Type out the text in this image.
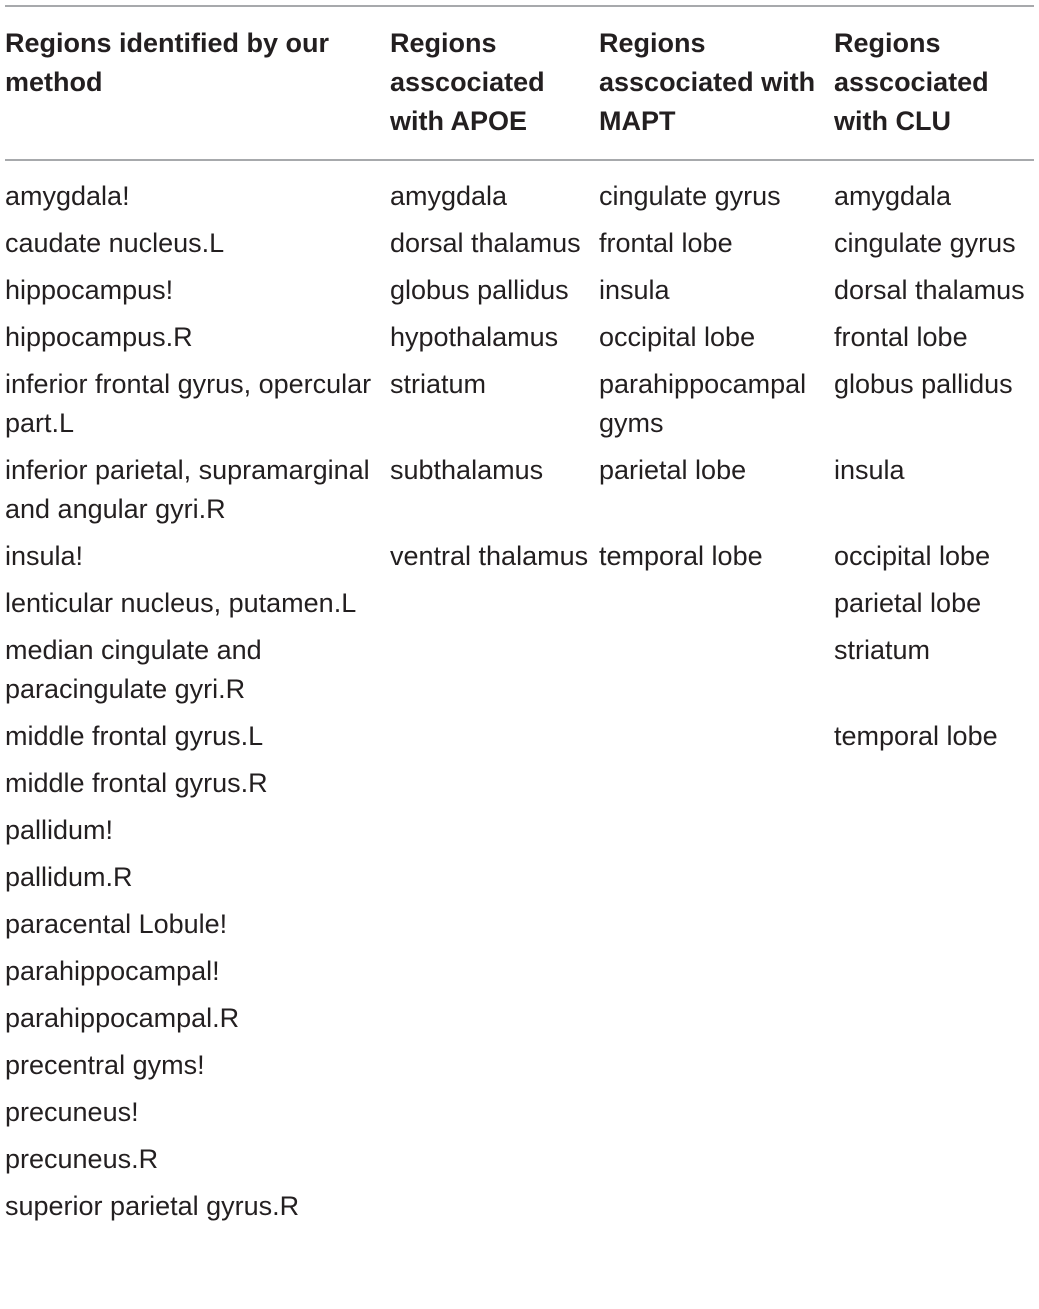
Regions identified by our method	Regions asscociated with APOE	Regions asscociated with MAPT	Regions asscociated with CLU
amygdala!	amygdala	cingulate gyrus	amygdala
caudate nucleus.L	dorsal thalamus	frontal lobe	cingulate gyrus
hippocampus!	globus pallidus	insula	dorsal thalamus
hippocampus.R	hypothalamus	occipital lobe	frontal lobe
inferior frontal gyrus, opercular part.L	striatum	parahippocampal gyms	globus pallidus
inferior parietal, supramarginal and angular gyri.R	subthalamus	parietal lobe	insula
insula!	ventral thalamus	temporal lobe	occipital lobe
lenticular nucleus, putamen.L			parietal lobe
median cingulate and paracingulate gyri.R			striatum
middle frontal gyrus.L			temporal lobe
middle frontal gyrus.R			
pallidum!			
pallidum.R			
paracental Lobule!			
parahippocampal!			
parahippocampal.R			
precentral gyms!			
precuneus!			
precuneus.R			
superior parietal gyrus.R			
